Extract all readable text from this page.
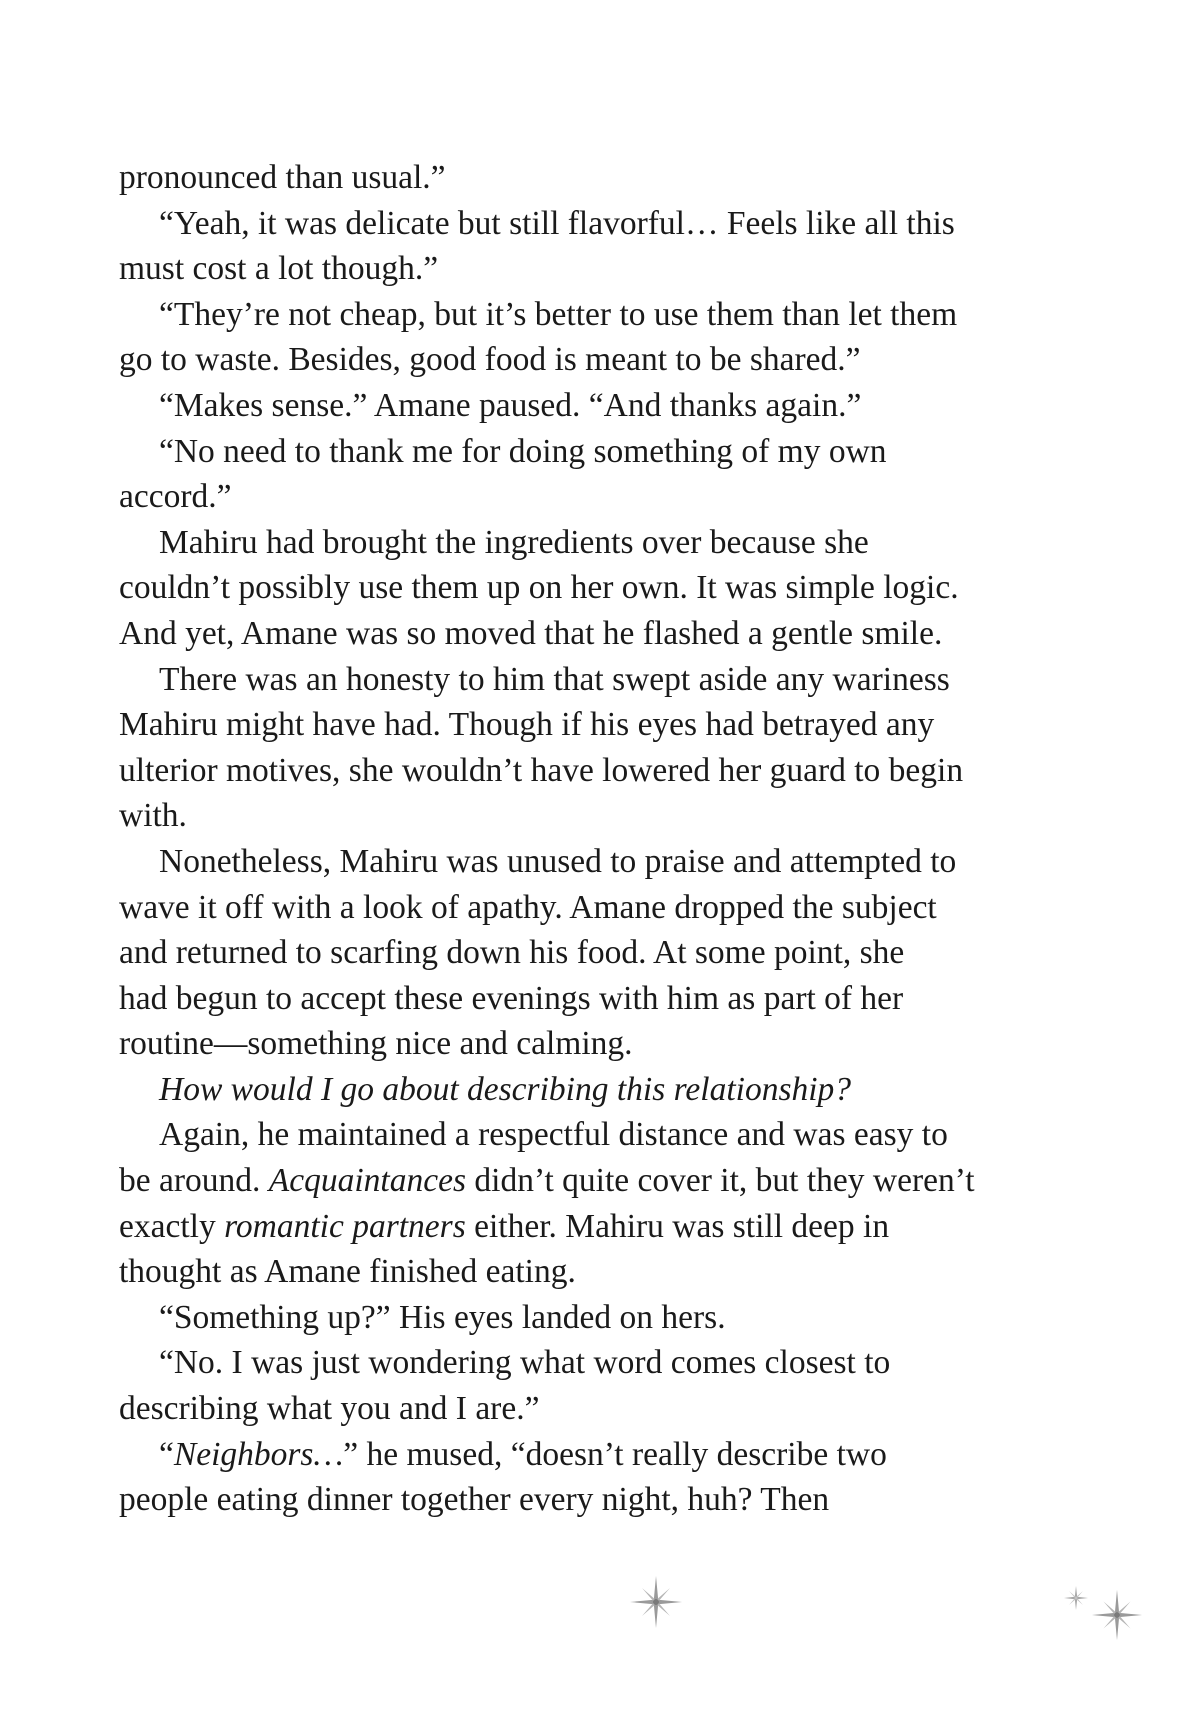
pronounced than usual.”
“Yeah, it was delicate but still flavorful… Feels like all this
must cost a lot though.”
“They’re not cheap, but it’s better to use them than let them
go to waste. Besides, good food is meant to be shared.”
“Makes sense.” Amane paused. “And thanks again.”
“No need to thank me for doing something of my own
accord.”
Mahiru had brought the ingredients over because she
couldn’t possibly use them up on her own. It was simple logic.
And yet, Amane was so moved that he flashed a gentle smile.
There was an honesty to him that swept aside any wariness
Mahiru might have had. Though if his eyes had betrayed any
ulterior motives, she wouldn’t have lowered her guard to begin
with.
Nonetheless, Mahiru was unused to praise and attempted to
wave it off with a look of apathy. Amane dropped the subject
and returned to scarfing down his food. At some point, she
had begun to accept these evenings with him as part of her
routine—something nice and calming.
How would I go about describing this relationship?
Again, he maintained a respectful distance and was easy to
be around. Acquaintances didn’t quite cover it, but they weren’t
exactly romantic partners either. Mahiru was still deep in
thought as Amane finished eating.
“Something up?” His eyes landed on hers.
“No. I was just wondering what word comes closest to
describing what you and I are.”
“Neighbors…” he mused, “doesn’t really describe two
people eating dinner together every night, huh? Then
